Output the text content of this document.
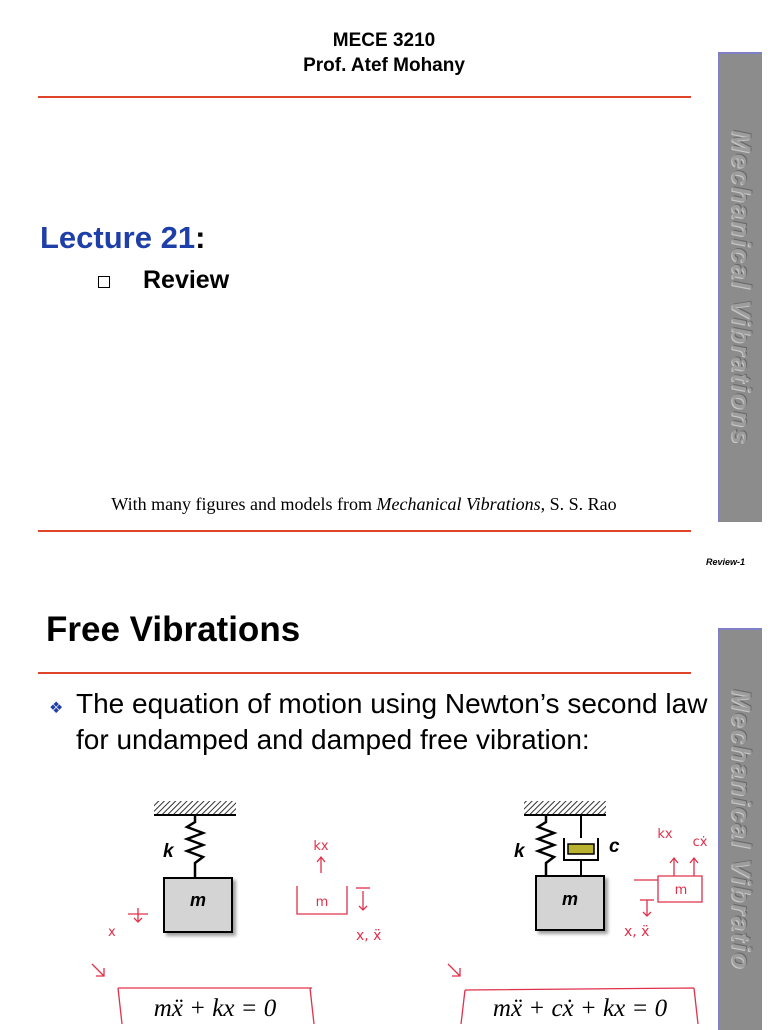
MECE 3210
Prof. Atef Mohany
Mechanical Vibrations
Lecture 21:
Review
With many figures and models from Mechanical Vibrations, S. S. Rao
Review-1
Free Vibrations
Mechanical Vibratio
❖ The equation of motion using Newton’s second law for undamped and damped free vibration:
k
m
x
kx
m
x, ẍ
mẍ + kx = 0
k	c
m
kx
cẋ
m
x, ẍ
mẍ + cẋ + kx = 0
